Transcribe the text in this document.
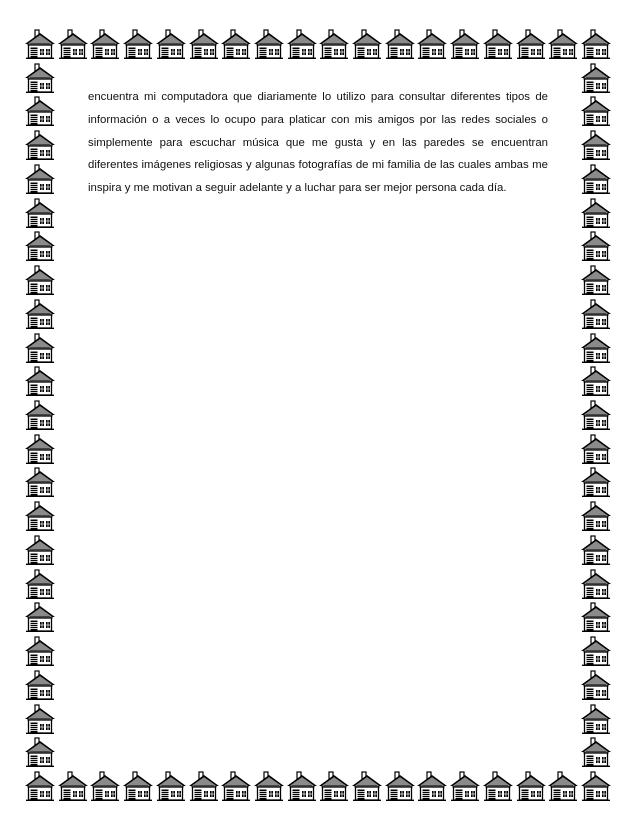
encuentra mi computadora que diariamente lo utilizo para consultar diferentes tipos de información o a veces lo ocupo para platicar con mis amigos por las redes sociales o simplemente para escuchar música que me gusta y en las paredes se encuentran diferentes imágenes religiosas y algunas fotografías de mi familia de las cuales ambas me inspira y me motivan a seguir adelante y a luchar para ser mejor persona cada día.
